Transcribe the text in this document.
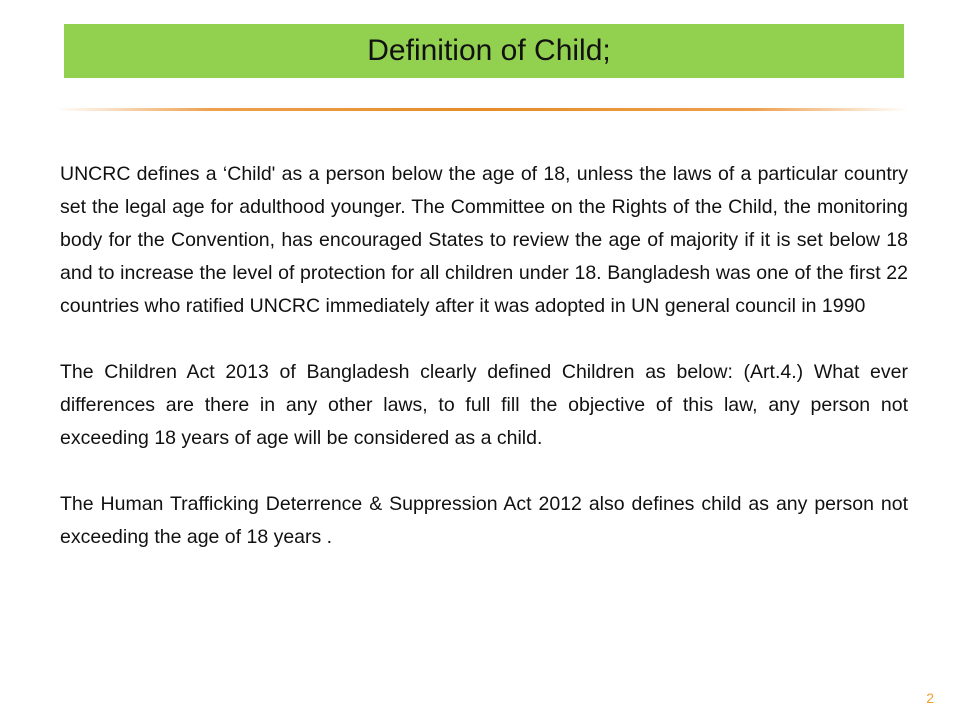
Definition of Child;

UNCRC defines a ‘Child' as a person below the age of 18, unless the laws of a particular country set the legal age for adulthood younger. The Committee on the Rights of the Child, the monitoring body for the Convention, has encouraged States to review the age of majority if it is set below 18 and to increase the level of protection for all children under 18. Bangladesh was one of the first 22 countries who ratified UNCRC immediately after it was adopted in UN general council in 1990

The Children Act 2013 of Bangladesh clearly defined Children as below: (Art.4.) What ever differences are there in any other laws, to full fill the objective of this law, any person not exceeding 18 years of age will be considered as a child.

The Human Trafficking Deterrence & Suppression Act 2012 also defines child as any person not exceeding the age of 18 years .

2
